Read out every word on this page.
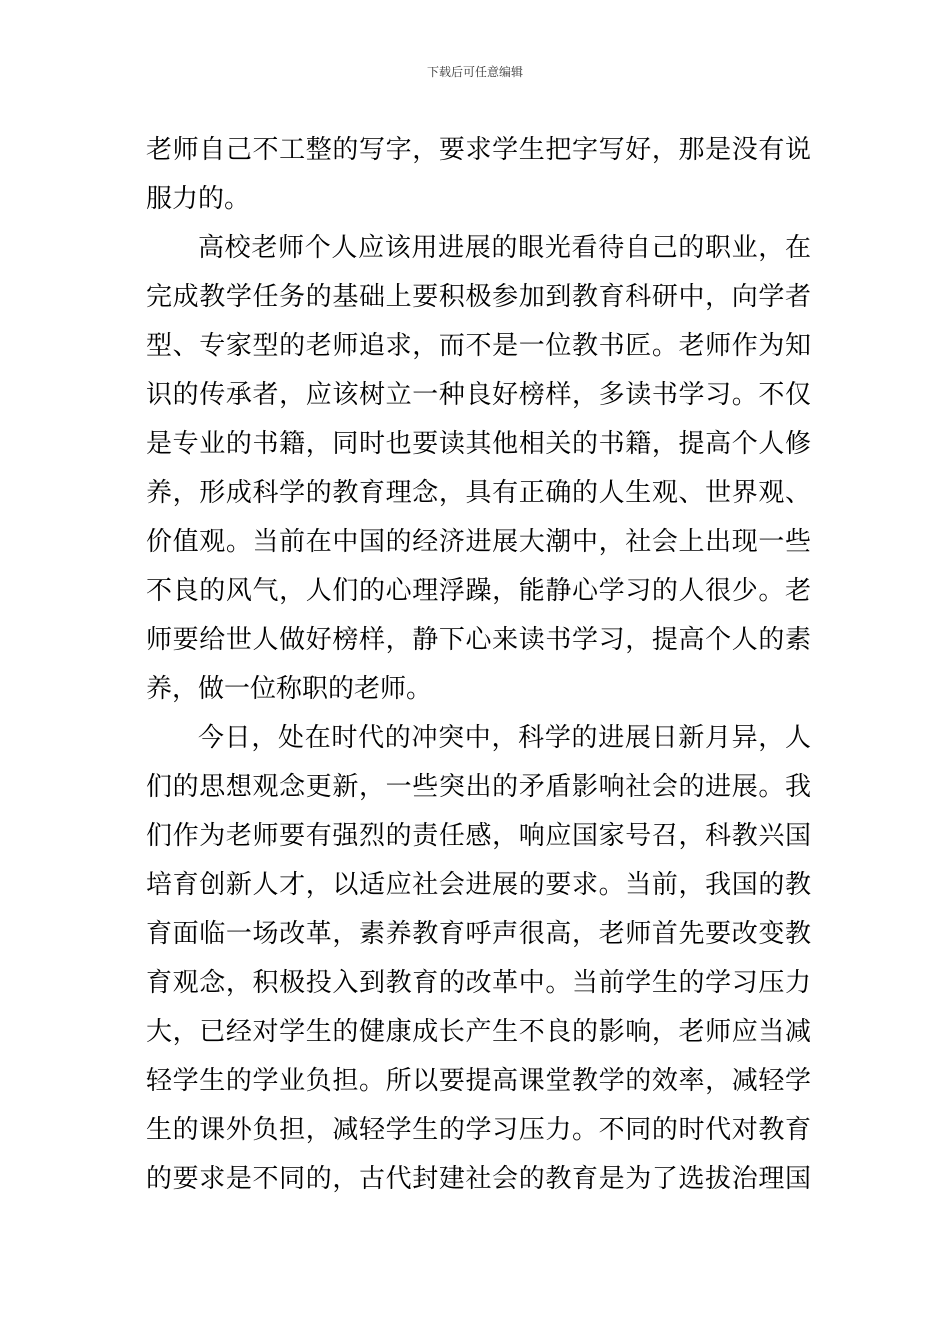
下载后可任意编辑
老师自己不工整的写字，要求学生把字写好，那是没有说
服力的。
高校老师个人应该用进展的眼光看待自己的职业，在
完成教学任务的基础上要积极参加到教育科研中，向学者
型、专家型的老师追求，而不是一位教书匠。老师作为知
识的传承者，应该树立一种良好榜样，多读书学习。不仅
是专业的书籍，同时也要读其他相关的书籍，提高个人修
养，形成科学的教育理念，具有正确的人生观、世界观、
价值观。当前在中国的经济进展大潮中，社会上出现一些
不良的风气，人们的心理浮躁，能静心学习的人很少。老
师要给世人做好榜样，静下心来读书学习，提高个人的素
养，做一位称职的老师。
今日，处在时代的冲突中，科学的进展日新月异，人
们的思想观念更新，一些突出的矛盾影响社会的进展。我
们作为老师要有强烈的责任感，响应国家号召，科教兴国
培育创新人才，以适应社会进展的要求。当前，我国的教
育面临一场改革，素养教育呼声很高，老师首先要改变教
育观念，积极投入到教育的改革中。当前学生的学习压力
大，已经对学生的健康成长产生不良的影响，老师应当减
轻学生的学业负担。所以要提高课堂教学的效率，减轻学
生的课外负担，减轻学生的学习压力。不同的时代对教育
的要求是不同的，古代封建社会的教育是为了选拔治理国
